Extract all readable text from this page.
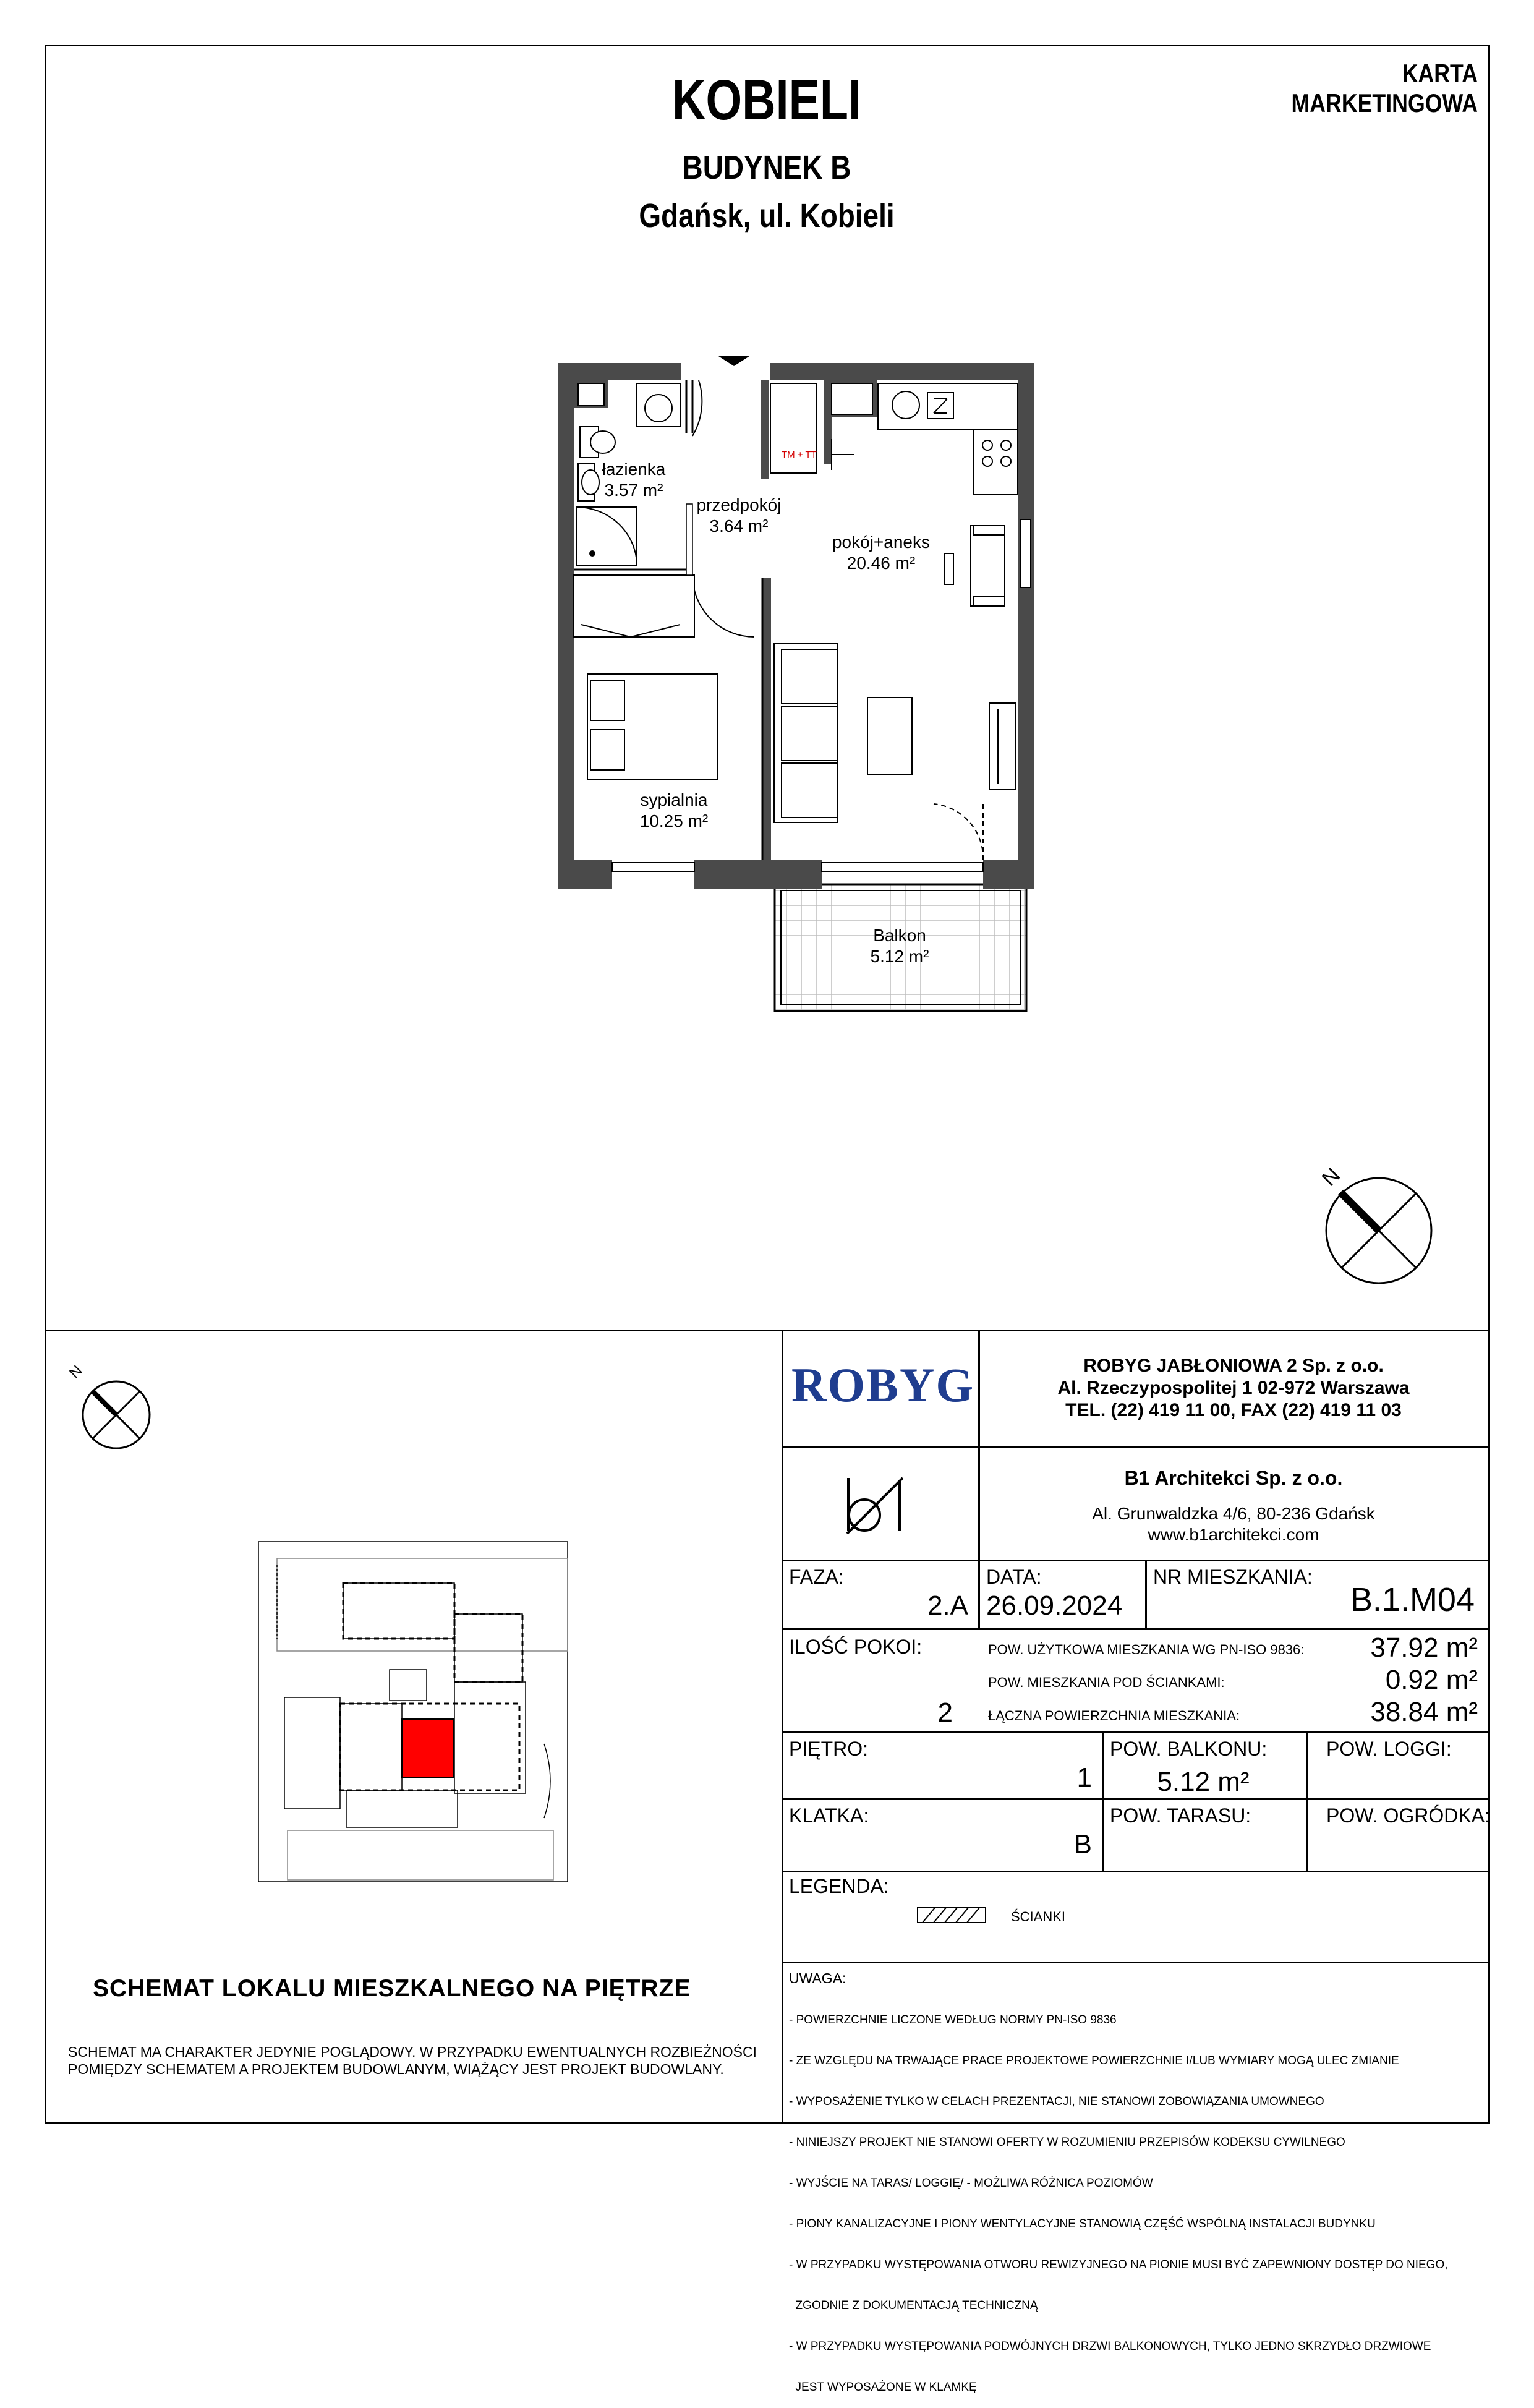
KARTA MARKETINGOWA
KOBIELI
BUDYNEK B
Gdańsk, ul. Kobieli
łazienka
3.57 m²
przedpokój
3.64 m²
pokój+aneks
20.46 m²
sypialnia
10.25 m²
Balkon
5.12 m²
TM + TT
N
N
SCHEMAT LOKALU MIESZKALNEGO NA PIĘTRZE
SCHEMAT MA CHARAKTER JEDYNIE POGLĄDOWY. W PRZYPADKU EWENTUALNYCH ROZBIEŻNOŚCI
POMIĘDZY SCHEMATEM A PROJEKTEM BUDOWLANYM, WIĄŻĄCY JEST PROJEKT BUDOWLANY.
ROBYG	ROBYG JABŁONIOWA 2 Sp. z o.o.
Al. Rzeczypospolitej 1 02-972 Warszawa
TEL. (22) 419 11 00, FAX (22) 419 11 03
B1 Architekci Sp. z o.o.
Al. Grunwaldzka 4/6, 80-236 Gdańsk
www.b1architekci.com
FAZA:
2.A
DATA:
26.09.2024
NR MIESZKANIA:
B.1.M04
ILOŚĆ POKOI:
2
POW. UŻYTKOWA MIESZKANIA WG PN-ISO 9836:	37.92 m²
POW. MIESZKANIA POD ŚCIANKAMI:	0.92 m²
ŁĄCZNA POWIERZCHNIA MIESZKANIA:	38.84 m²
PIĘTRO:
1
POW. BALKONU:
5.12 m²
POW. LOGGI:
KLATKA:
B
POW. TARASU:	POW. OGRÓDKA:
LEGENDA:
ŚCIANKI
UWAGA:

- POWIERZCHNIE LICZONE WEDŁUG NORMY PN-ISO 9836

- ZE WZGLĘDU NA TRWAJĄCE PRACE PROJEKTOWE POWIERZCHNIE I/LUB WYMIARY MOGĄ ULEC ZMIANIE

- WYPOSAŻENIE TYLKO W CELACH PREZENTACJI, NIE STANOWI ZOBOWIĄZANIA UMOWNEGO

- NINIEJSZY PROJEKT NIE STANOWI OFERTY W ROZUMIENIU PRZEPISÓW KODEKSU CYWILNEGO

- WYJŚCIE NA TARAS/ LOGGIĘ/ - MOŻLIWA RÓŻNICA POZIOMÓW

- PIONY KANALIZACYJNE I PIONY WENTYLACYJNE STANOWIĄ CZĘŚĆ WSPÓLNĄ INSTALACJI BUDYNKU

- W PRZYPADKU WYSTĘPOWANIA OTWORU REWIZYJNEGO NA PIONIE MUSI BYĆ ZAPEWNIONY DOSTĘP DO NIEGO,

ZGODNIE Z DOKUMENTACJĄ TECHNICZNĄ

- W PRZYPADKU WYSTĘPOWANIA PODWÓJNYCH DRZWI BALKONOWYCH, TYLKO JEDNO SKRZYDŁO DRZWIOWE

JEST WYPOSAŻONE W KLAMKĘ
